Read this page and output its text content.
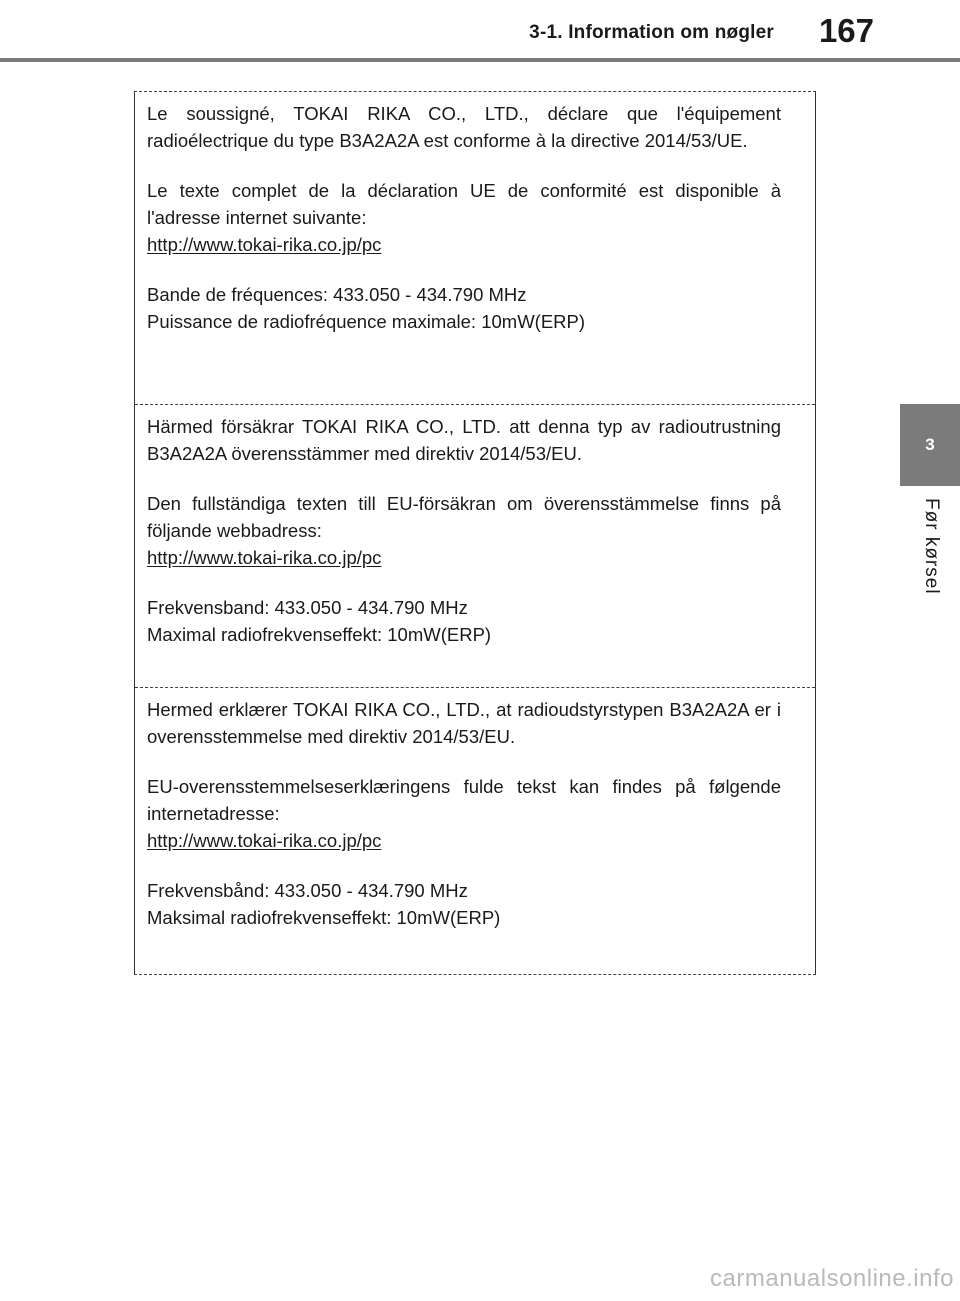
3-1. Information om nøgler 167
3
Før kørsel

Le soussigné, TOKAI RIKA CO., LTD., déclare que l'équipement radioélectrique du type B3A2A2A est conforme à la directive 2014/53/UE.

Le texte complet de la déclaration UE de conformité est disponible à l'adresse internet suivante:

http://www.tokai-rika.co.jp/pc

Bande de fréquences: 433.050 - 434.790 MHz

Puissance de radiofréquence maximale: 10mW(ERP)

Härmed försäkrar TOKAI RIKA CO., LTD. att denna typ av radioutrustning B3A2A2A överensstämmer med direktiv 2014/53/EU.

Den fullständiga texten till EU-försäkran om överensstämmelse finns på följande webbadress:

http://www.tokai-rika.co.jp/pc

Frekvensband: 433.050 - 434.790 MHz

Maximal radiofrekvenseffekt: 10mW(ERP)

Hermed erklærer TOKAI RIKA CO., LTD., at radioudstyrstypen B3A2A2A er i overensstemmelse med direktiv 2014/53/EU.

EU-overensstemmelseserklæringens fulde tekst kan findes på følgende internetadresse:

http://www.tokai-rika.co.jp/pc

Frekvensbånd: 433.050 - 434.790 MHz

Maksimal radiofrekvenseffekt: 10mW(ERP)

carmanualsonline.info
